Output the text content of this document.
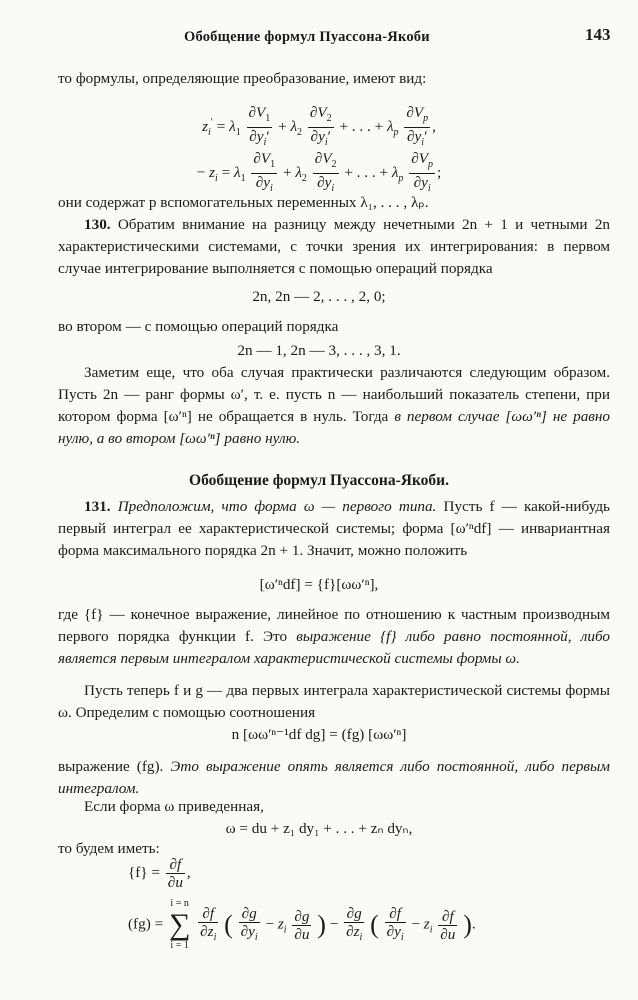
Обобщение формул Пуассона-Якоби	143
то формулы, определяющие преобразование, имеют вид:
$z_i' = \lambda_1 \frac{\partial V_1}{\partial y_i'} + \lambda_2 \frac{\partial V_2}{\partial y_i'}$ + . . . + $\lambda_p \frac{\partial V_p}{\partial y_i'}$ ,
− $z_i = \lambda_1 \frac{\partial V_1}{\partial y_i} + \lambda_2 \frac{\partial V_2}{\partial y_i}$ + . . . + $\lambda_p \frac{\partial V_p}{\partial y_i}$ ;
они содержат p вспомогательных переменных λ₁, . . . , λₚ.
130. Обратим внимание на разницу между нечетными 2n + 1 и четными 2n характеристическими системами, с точки зрения их интегрирования: в первом случае интегрирование выполняется с помощью операций порядка
2n, 2n — 2, . . . , 2, 0;
во втором — с помощью операций порядка
2n — 1, 2n — 3, . . . , 3, 1.
Заметим еще, что оба случая практически различаются следующим образом. Пусть 2n — ранг формы ω′, т. е. пусть n — наибольший показатель степени, при котором форма [ω′ⁿ] не обращается в нуль. Тогда в первом случае [ωω′ⁿ] не равно нулю, а во втором [ωω′ⁿ] равно нулю.
Обобщение формул Пуассона-Якоби.
131. Предположим, что форма ω — первого типа. Пусть f — какой-нибудь первый интеграл ее характеристической системы; форма [ω′ⁿdf] — инвариантная форма максимального порядка 2n + 1. Значит, можно положить
[ω′ⁿdf] = {f}[ωω′ⁿ],
где {f} — конечное выражение, линейное по отношению к частным производным первого порядка функции f. Это выражение {f} либо равно постоянной, либо является первым интегралом характеристической системы формы ω.
Пусть теперь f и g — два первых интеграла характеристической системы формы ω. Определим с помощью соотношения
n [ωω′ⁿ⁻¹df dg] = (fg) [ωω′ⁿ]
выражение (fg). Это выражение опять является либо постоянной, либо первым интегралом.
Если форма ω приведенная,
ω = du + z₁ dy₁ + . . . + zₙ dyₙ,
то будем иметь:
$\{f\} = \frac{\partial f}{\partial u}$ ,
(fg) =
i = n
∑
i = 1
$\frac{\partial f}{\partial z_i}$ ( $\frac{\partial g}{\partial y_i} - z_i \frac{\partial g}{\partial u}$ ) − $\frac{\partial g}{\partial z_i}$ ( $\frac{\partial f}{\partial y_i} - z_i \frac{\partial f}{\partial u}$ ).
